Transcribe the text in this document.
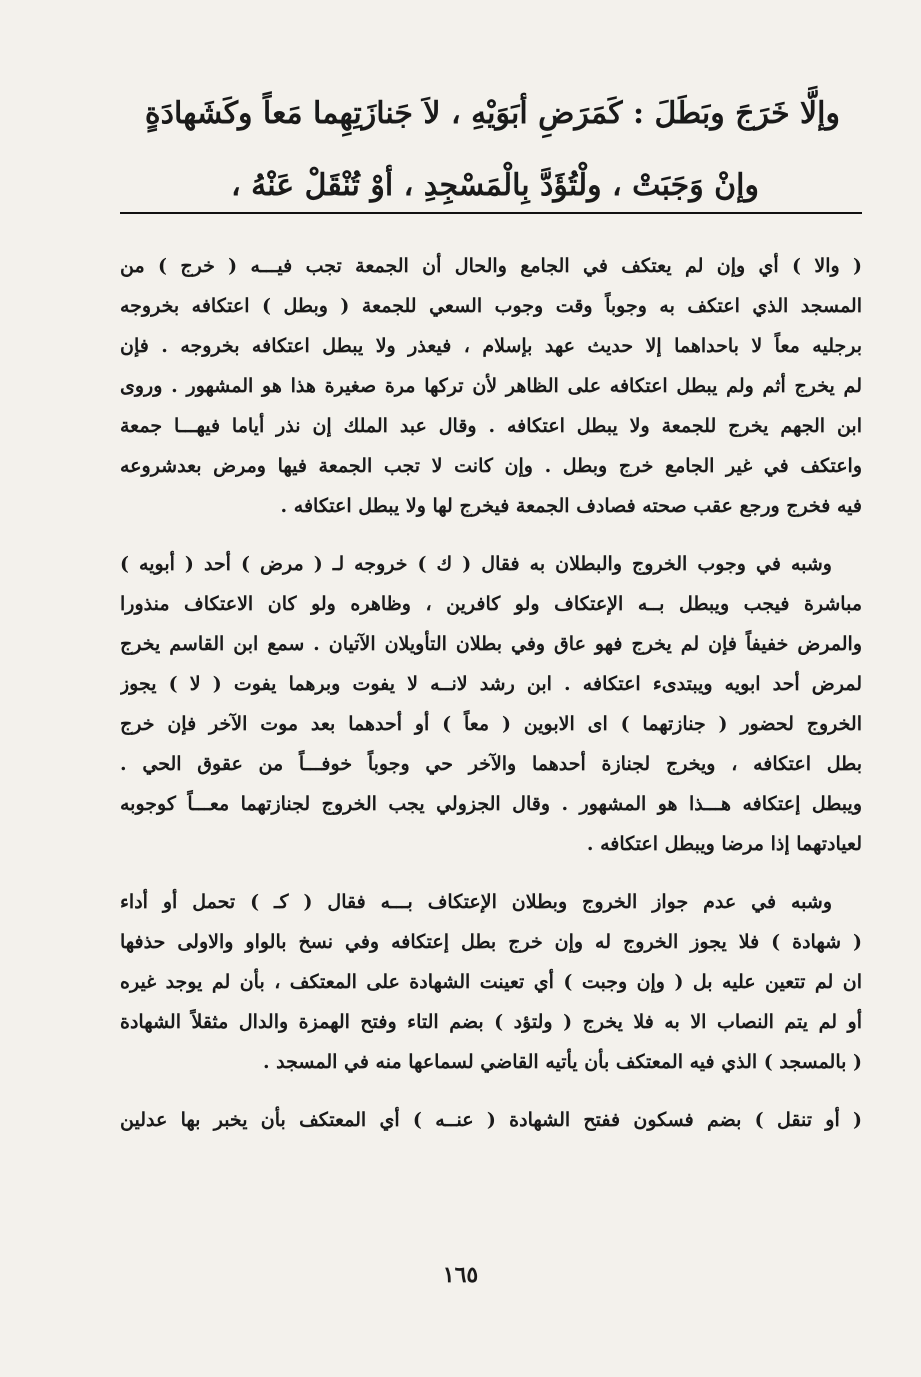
وإلَّا خَرَجَ وبَطَلَ : كَمَرَضِ أبَوَيْهِ ، لاَ جَنازَتِهِما مَعاً وكَشَهادَةٍ
وإنْ وَجَبَتْ ، ولْتُؤَدَّ بِالْمَسْجِدِ ، أوْ تُنْقَلْ عَنْهُ ،
( والا ) أي وإن لم يعتكف في الجامع والحال أن الجمعة تجب فيـــه ( خرج ) من
المسجد الذي اعتكف به وجوباً وقت وجوب السعي للجمعة ( وبطل ) اعتكافه بخروجه
برجليه معاً لا باحداهما إلا حديث عهد بإسلام ، فيعذر ولا يبطل اعتكافه بخروجه . فإن
لم يخرج أثم ولم يبطل اعتكافه على الظاهر لأن تركها مرة صغيرة هذا هو المشهور . وروى
ابن الجهم يخرج للجمعة ولا يبطل اعتكافه . وقال عبد الملك إن نذر أياما فيهـــا جمعة
واعتكف في غير الجامع خرج وبطل . وإن كانت لا تجب الجمعة فيها ومرض بعدشروعه
فيه فخرج ورجع عقب صحته فصادف الجمعة فيخرج لها ولا يبطل اعتكافه .
وشبه في وجوب الخروج والبطلان به فقال ( ك ) خروجه لـ ( مرض ) أحد ( أبويه )
مباشرة فيجب ويبطل بــه الإعتكاف ولو كافرين ، وظاهره ولو كان الاعتكاف منذورا
والمرض خفيفاً فإن لم يخرج فهو عاق وفي بطلان التأويلان الآتيان . سمع ابن القاسم يخرج
لمرض أحد ابويه ويبتدىء اعتكافه . ابن رشد لانــه لا يفوت وبرهما يفوت ( لا ) يجوز
الخروج لحضور ( جنازتهما ) اى الابوين ( معاً ) أو أحدهما بعد موت الآخر فإن خرج
بطل اعتكافه ، ويخرج لجنازة أحدهما والآخر حي وجوباً خوفـــاً من عقوق الحي .
ويبطل إعتكافه هـــذا هو المشهور . وقال الجزولي يجب الخروج لجنازتهما معـــاً كوجوبه
لعيادتهما إذا مرضا ويبطل اعتكافه .
وشبه في عدم جواز الخروج وبطلان الإعتكاف بـــه فقال ( كـ ) تحمل أو أداء
( شهادة ) فلا يجوز الخروج له وإن خرج بطل إعتكافه وفي نسخ بالواو والاولى حذفها
ان لم تتعين عليه بل ( وإن وجبت ) أي تعينت الشهادة على المعتكف ، بأن لم يوجد غيره
أو لم يتم النصاب الا به فلا يخرج ( ولتؤد ) بضم التاء وفتح الهمزة والدال مثقلاً الشهادة
( بالمسجد ) الذي فيه المعتكف بأن يأتيه القاضي لسماعها منه في المسجد .
( أو تنقل ) بضم فسكون ففتح الشهادة ( عنــه ) أي المعتكف بأن يخبر بها عدلين
١٦٥
